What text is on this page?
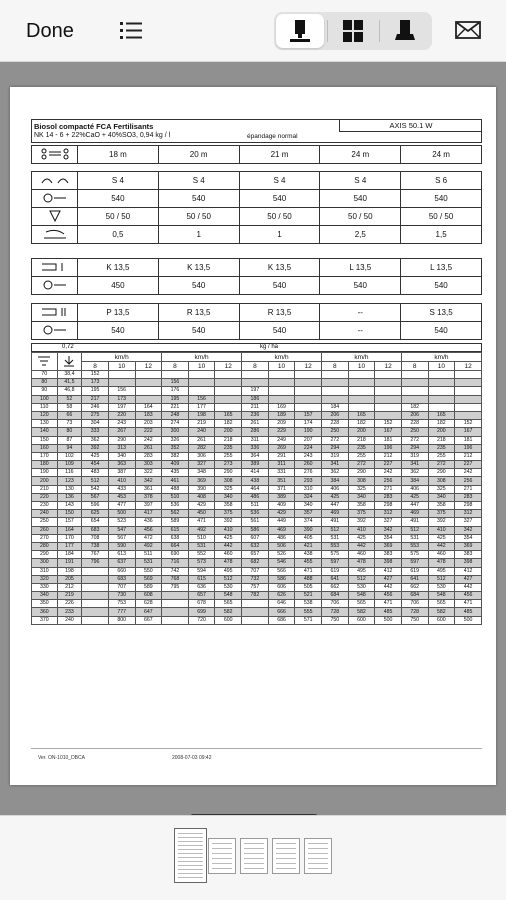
Done
Biosol compacté FCA Fertilisants
NK 14 - 6 + 22%CaO + 40%SO3, 0,94 kg / l	épandage normal
AXIS 50.1 W
	18 m	20 m	21 m	24 m	24 m
	S 4	S 4	S 4	S 4	S 6
	540	540	540	540	540
	50 / 50	50 / 50	50 / 50	50 / 50	50 / 50
	0,5	1	1	2,5	1,5
	K 13,5	K 13,5	K 13,5	L 13,5	L 13,5
	450	540	540	540	540
	P 13,5	R 13,5	R 13,5	--	S 13,5
	540	540	540	--	540
0,72	kg / ha
		km/h			km/h			km/h			km/h			km/h		
		8	10	12	8	10	12	8	10	12	8	10	12	8	10	12
70	38,4	152														
80	41,5	173			156											
90	46,8	195	156		176			197								
100	52	217	173		195	156		186								
110	58	246	197	164	221	177		211	169		184			182		
120	66	275	220	183	248	198	165	236	189	157	206	165		206	165	
130	73	304	243	203	274	219	182	261	209	174	228	182	152	228	182	152
140	80	333	267	222	300	240	200	286	229	190	250	200	167	250	200	167
150	87	362	290	242	326	261	218	311	249	207	272	218	181	272	218	181
160	94	392	313	261	352	282	235	336	269	224	294	235	196	294	235	196
170	102	425	340	283	382	306	255	364	291	243	319	255	212	319	255	212
180	109	454	363	303	409	327	273	389	311	260	341	272	227	341	272	227
190	116	483	387	322	435	348	290	414	331	276	362	290	242	362	290	242
200	123	512	410	342	461	369	308	438	351	293	384	308	256	384	308	256
210	130	542	433	361	488	390	325	464	371	310	406	325	271	406	325	271
220	136	567	453	378	510	408	340	486	389	324	425	340	283	425	340	283
230	143	596	477	397	536	429	358	511	409	340	447	358	298	447	358	298
240	150	625	500	417	562	450	375	536	429	357	469	375	312	469	375	312
250	157	654	523	436	589	471	392	561	449	374	491	392	327	491	392	327
260	164	683	547	456	615	492	410	586	469	390	512	410	342	512	410	342
270	170	708	567	472	638	510	425	607	486	405	531	425	354	531	425	354
280	177	738	590	492	664	531	442	632	506	421	553	442	369	553	442	369
290	184	767	613	511	690	552	460	657	526	438	575	460	383	575	460	383
300	191	796	637	531	716	573	478	682	546	455	597	478	398	597	478	398
310	198		660	550	742	594	495	707	566	471	619	495	412	619	495	412
320	205		683	569	768	615	512	732	586	488	641	512	427	641	512	427
330	212		707	589	795	636	530	757	606	505	662	530	442	662	530	442
340	219		730	608		657	548	782	626	521	684	548	456	684	548	456
350	226		753	628		678	565		646	538	706	565	471	706	565	471
360	233		777	647		699	582		666	555	728	582	485	728	582	485
370	240		800	667		720	600		686	571	750	600	500	750	600	500
Ver. ON-1010_DBCA	2008-07-03 09:42
